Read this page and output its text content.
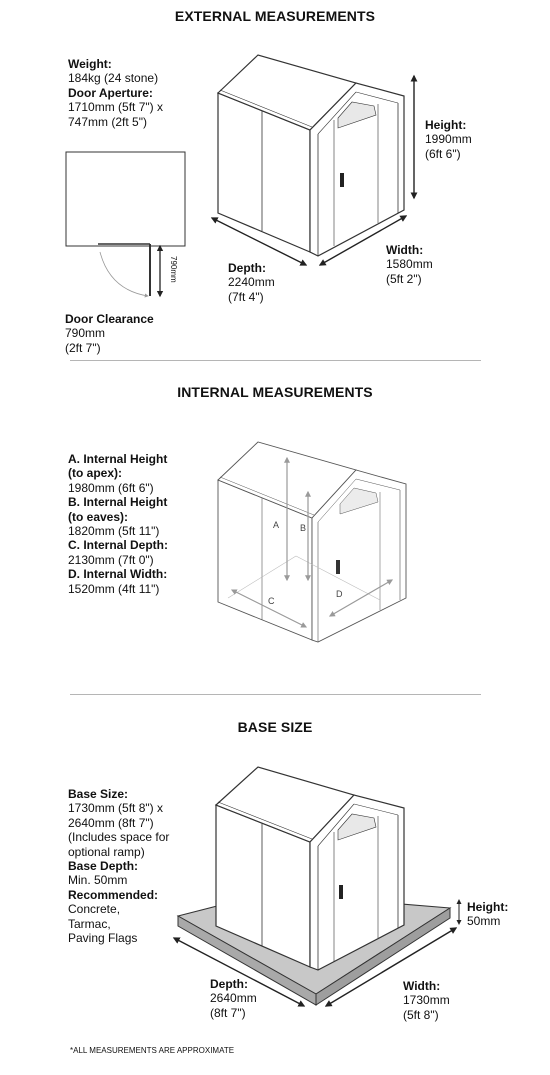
EXTERNAL MEASUREMENTS
Weight:
184kg (24 stone)
Door Aperture:
1710mm (5ft 7") x
747mm (2ft 5")
Door Clearance
790mm
(2ft 7")
790mm
Height:
1990mm
(6ft 6")
Width:
1580mm
(5ft 2")
Depth:
2240mm
(7ft 4")
INTERNAL MEASUREMENTS
A. Internal Height
(to apex):
1980mm (6ft 6")
B. Internal Height
(to eaves):
1820mm (5ft 11")
C. Internal Depth:
2130mm (7ft 0")
D. Internal Width:
1520mm (4ft 11")
BASE SIZE
Base Size:
1730mm (5ft 8") x
2640mm (8ft 7")
(Includes space for
optional ramp)
Base Depth:
Min. 50mm
Recommended:
Concrete,
Tarmac,
Paving Flags
Height:
50mm
Depth:
2640mm
(8ft 7")
Width:
1730mm
(5ft 8")
*ALL MEASUREMENTS ARE APPROXIMATE
A B
C
D
